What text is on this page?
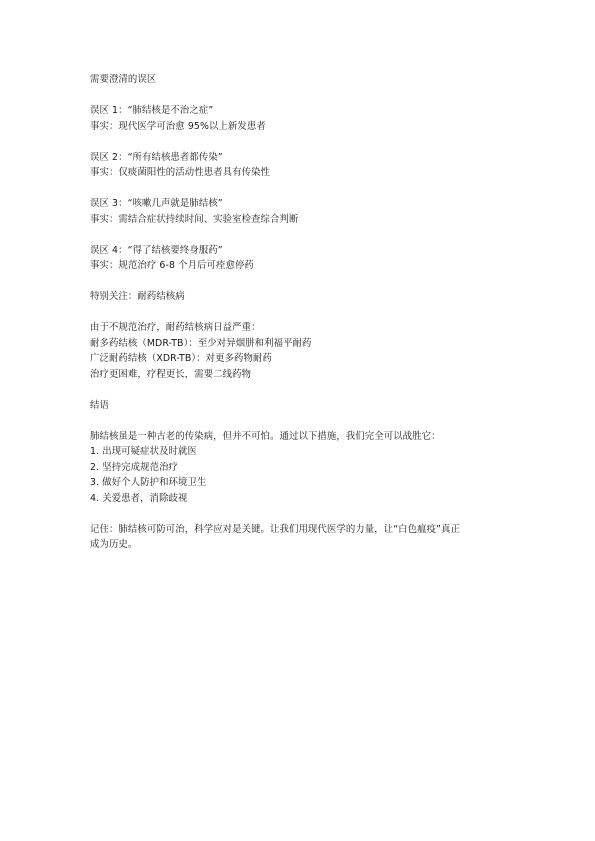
需要澄清的误区
误区 1：“肺结核是不治之症”
事实：现代医学可治愈 95%以上新发患者
误区 2：“所有结核患者都传染”
事实：仅痰菌阳性的活动性患者具有传染性
误区 3：“咳嗽几声就是肺结核”
事实：需结合症状持续时间、实验室检查综合判断
误区 4：“得了结核要终身服药”
事实：规范治疗 6-8 个月后可痊愈停药
特别关注：耐药结核病
由于不规范治疗，耐药结核病日益严重：
耐多药结核（MDR-TB）：至少对异烟肼和利福平耐药
广泛耐药结核（XDR-TB）：对更多药物耐药
治疗更困难，疗程更长，需要二线药物
结语
肺结核虽是一种古老的传染病，但并不可怕。通过以下措施，我们完全可以战胜它：
1. 出现可疑症状及时就医
2. 坚持完成规范治疗
3. 做好个人防护和环境卫生
4. 关爱患者，消除歧视
记住：肺结核可防可治，科学应对是关键。让我们用现代医学的力量，让“白色瘟疫”真正
成为历史。
